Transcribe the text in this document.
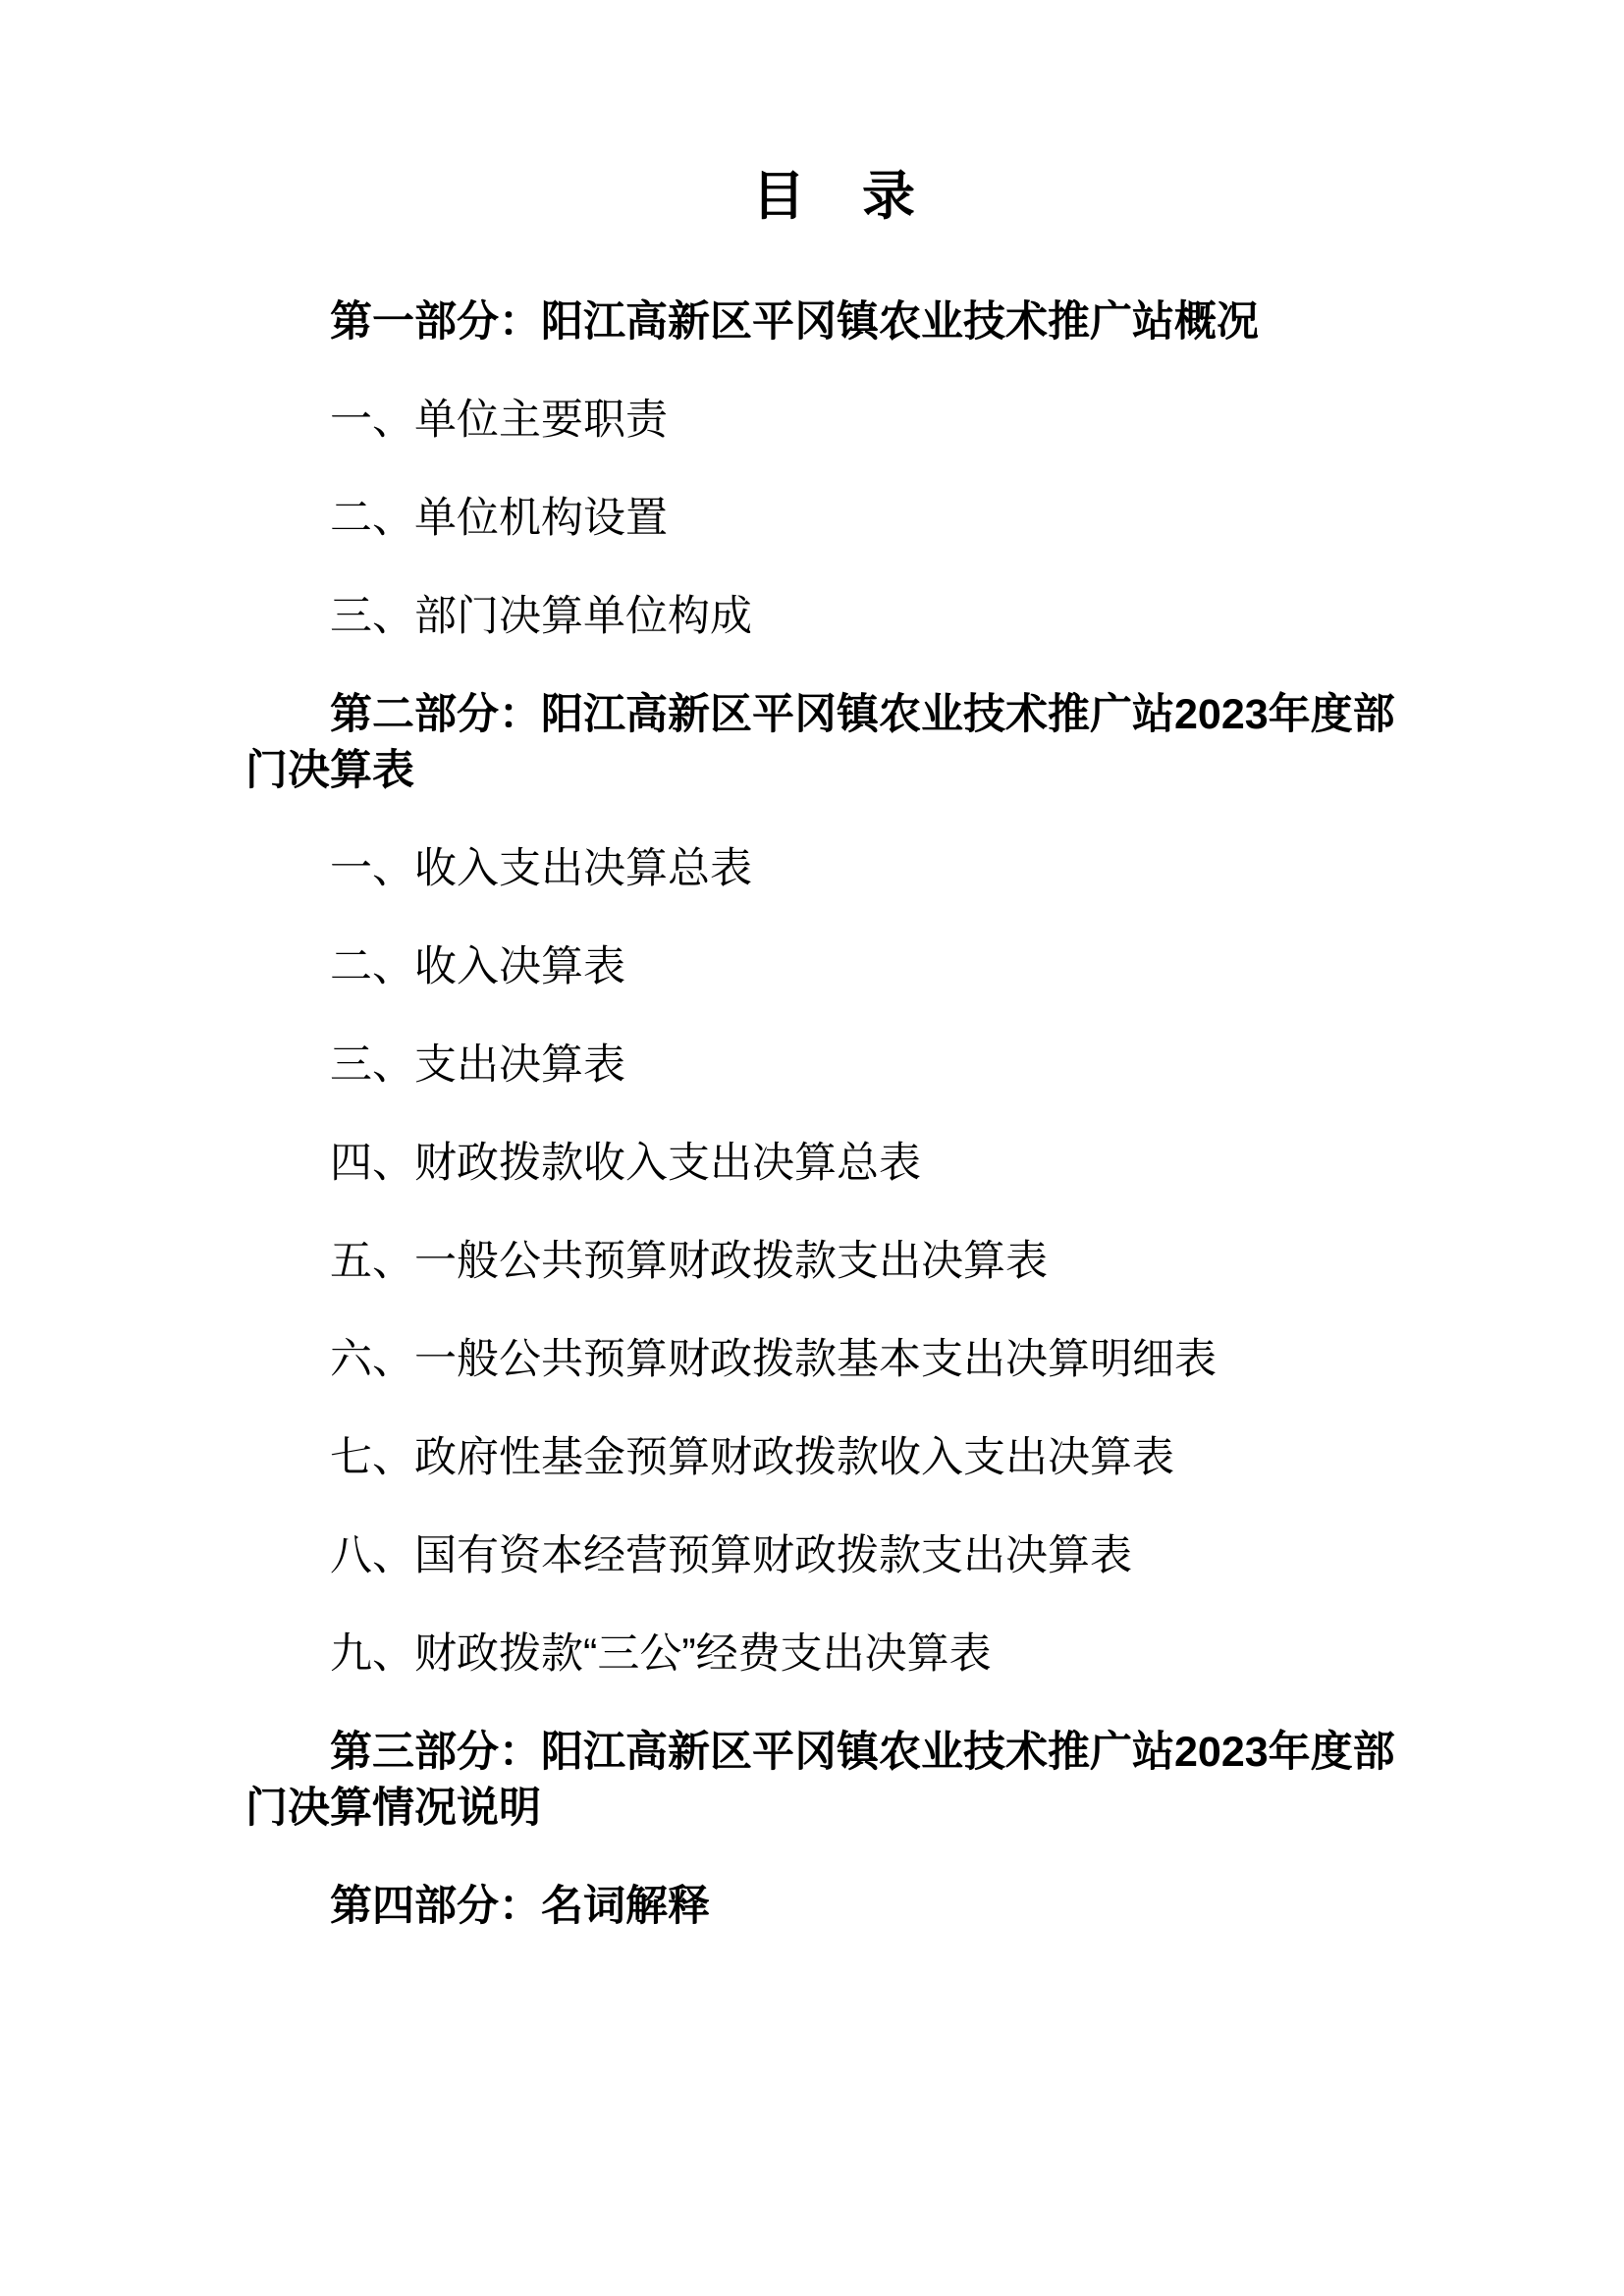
目　录

第一部分：阳江高新区平冈镇农业技术推广站概况

一、单位主要职责

二、单位机构设置

三、部门决算单位构成

第二部分：阳江高新区平冈镇农业技术推广站2023年度部门决算表

一、收入支出决算总表

二、收入决算表

三、支出决算表

四、财政拨款收入支出决算总表

五、一般公共预算财政拨款支出决算表

六、一般公共预算财政拨款基本支出决算明细表

七、政府性基金预算财政拨款收入支出决算表

八、国有资本经营预算财政拨款支出决算表

九、财政拨款“三公”经费支出决算表

第三部分：阳江高新区平冈镇农业技术推广站2023年度部门决算情况说明

第四部分：名词解释
